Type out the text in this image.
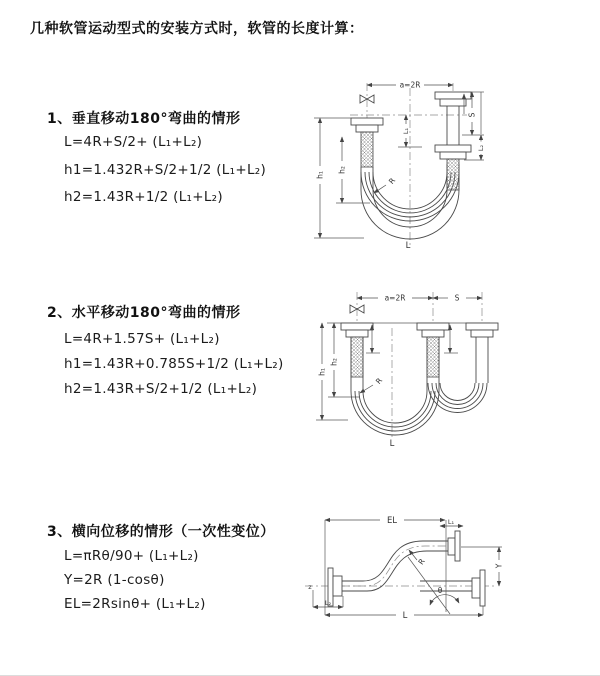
几种软管运动型式的安装方式时，软管的长度计算：
1、垂直移动180°弯曲的情形
L=4R+S/2+ (L₁+L₂)
h1=1.432R+S/2+1/2 (L₁+L₂)
h2=1.43R+1/2 (L₁+L₂)
2、水平移动180°弯曲的情形
L=4R+1.57S+ (L₁+L₂)
h1=1.43R+0.785S+1/2 (L₁+L₂)
h2=1.43R+S/2+1/2 (L₁+L₂)
3、横向位移的情形（一次性变位）
L=πRθ/90+ (L₁+L₂)
Y=2R (1-cosθ)
EL=2Rsinθ+ (L₁+L₂)
a=2R
S
L₂
h₁
h₂
L₁
R
L
a=2R	S
h₁
h₂
R
L
EL	L₁
Y
L
L₂
R
θ
z
